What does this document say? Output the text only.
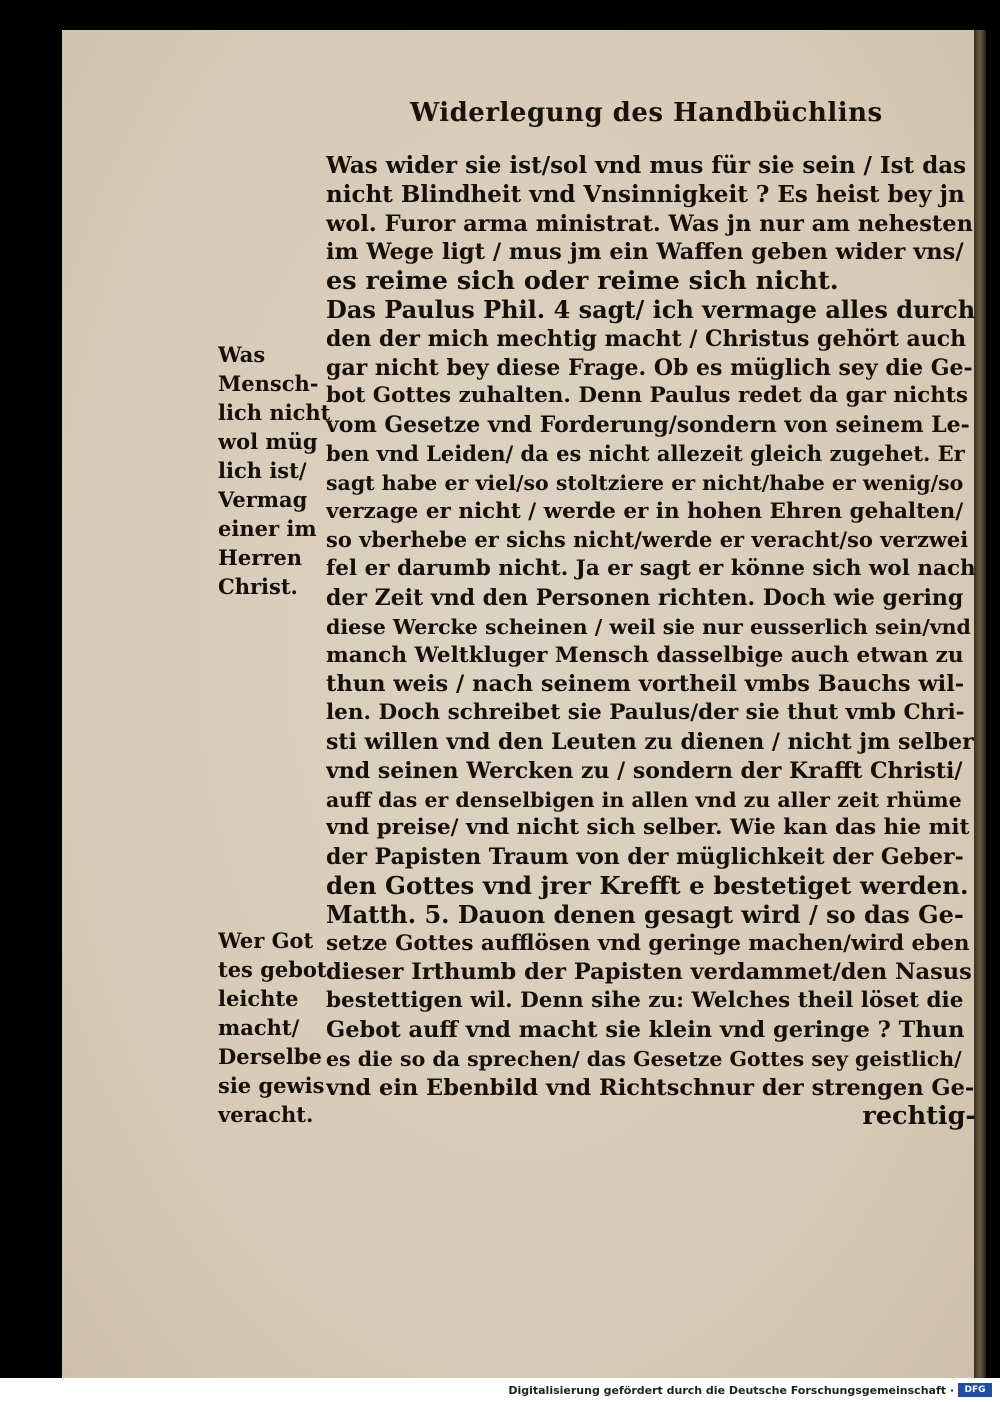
Widerlegung des Handbüchlins
Was wider sie ist/sol vnd mus für sie sein / Ist das
nicht Blindheit vnd Vnsinnigkeit ? Es heist bey jn
wol. Furor arma ministrat. Was jn nur am nehesten
im Wege ligt / mus jm ein Waffen geben wider vns/
es reime sich oder reime sich nicht.
Das Paulus Phil. 4 sagt/ ich vermage alles durch
den der mich mechtig macht / Christus gehört auch
gar nicht bey diese Frage. Ob es müglich sey die Ge-
bot Gottes zuhalten. Denn Paulus redet da gar nichts
vom Gesetze vnd Forderung/sondern von seinem Le-
ben vnd Leiden/ da es nicht allezeit gleich zugehet. Er
sagt habe er viel/so stoltziere er nicht/habe er wenig/so
verzage er nicht / werde er in hohen Ehren gehalten/
so vberhebe er sichs nicht/werde er veracht/so verzwei
fel er darumb nicht. Ja er sagt er könne sich wol nach
der Zeit vnd den Personen richten. Doch wie gering
diese Wercke scheinen / weil sie nur eusserlich sein/vnd
manch Weltkluger Mensch dasselbige auch etwan zu
thun weis / nach seinem vortheil vmbs Bauchs wil-
len. Doch schreibet sie Paulus/der sie thut vmb Chri-
sti willen vnd den Leuten zu dienen / nicht jm selber
vnd seinen Wercken zu / sondern der Krafft Christi/
auff das er denselbigen in allen vnd zu aller zeit rhüme
vnd preise/ vnd nicht sich selber. Wie kan das hie mit
der Papisten Traum von der müglichkeit der Geber-
den Gottes vnd jrer Krefft e bestetiget werden.
Matth. 5. Dauon denen gesagt wird / so das Ge-
setze Gottes aufflösen vnd geringe machen/wird eben
dieser Irthumb der Papisten verdammet/den Nasus
bestettigen wil. Denn sihe zu: Welches theil löset die
Gebot auff vnd macht sie klein vnd geringe ? Thun
es die so da sprechen/ das Gesetze Gottes sey geistlich/
vnd ein Ebenbild vnd Richtschnur der strengen Ge-
rechtig-
Was
Mensch-
lich nicht
wol müg
lich ist/
Vermag
einer im
Herren
Christ.
Wer Got
tes gebot
leichte
macht/
Derselbe
sie gewis
veracht.
Digitalisierung gefördert durch die Deutsche Forschungsgemeinschaft ·	DFG
